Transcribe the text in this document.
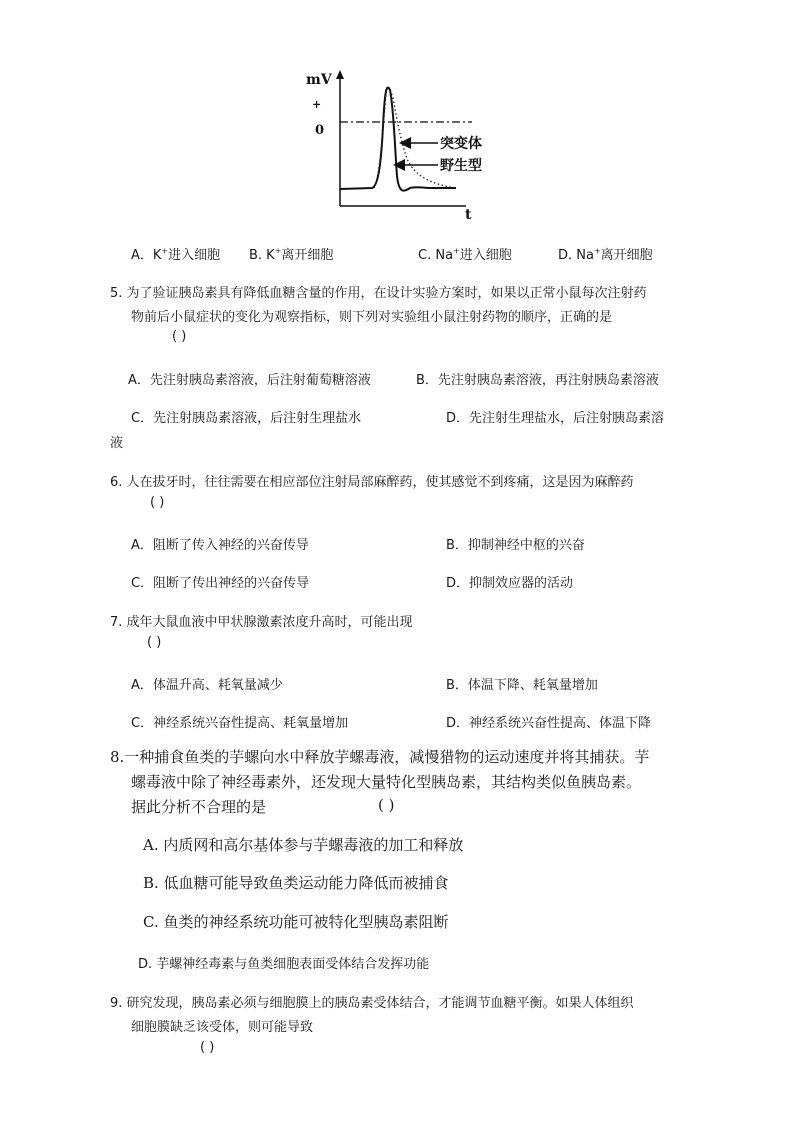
mV
+
0
t
突变体
野生型
A．K+进入细胞 B. K+离开细胞	C. Na+进入细胞	D. Na+离开细胞
5. 为了验证胰岛素具有降低血糖含量的作用，在设计实验方案时，如果以正常小鼠每次注射药
物前后小鼠症状的变化为观察指标，则下列对实验组小鼠注射药物的顺序，正确的是
( )
A．先注射胰岛素溶液，后注射葡萄糖溶液	B．先注射胰岛素溶液，再注射胰岛素溶液
C．先注射胰岛素溶液，后注射生理盐水	D．先注射生理盐水，后注射胰岛素溶
液
6. 人在拔牙时，往往需要在相应部位注射局部麻醉药，使其感觉不到疼痛，这是因为麻醉药
( )
A．阻断了传入神经的兴奋传导	B．抑制神经中枢的兴奋
C．阻断了传出神经的兴奋传导	D．抑制效应器的活动
7. 成年大鼠血液中甲状腺激素浓度升高时，可能出现
( )
A．体温升高、耗氧量减少	B．体温下降、耗氧量增加
C．神经系统兴奋性提高、耗氧量增加	D．神经系统兴奋性提高、体温下降
8.一种捕食鱼类的芋螺向水中释放芋螺毒液，减慢猎物的运动速度并将其捕获。芋
螺毒液中除了神经毒素外，还发现大量特化型胰岛素，其结构类似鱼胰岛素。
据此分析不合理的是	( )
A. 内质网和高尔基体参与芋螺毒液的加工和释放
B. 低血糖可能导致鱼类运动能力降低而被捕食
C. 鱼类的神经系统功能可被特化型胰岛素阻断
D. 芋螺神经毒素与鱼类细胞表面受体结合发挥功能
9. 研究发现，胰岛素必须与细胞膜上的胰岛素受体结合，才能调节血糖平衡。如果人体组织
细胞膜缺乏该受体，则可能导致
( )
